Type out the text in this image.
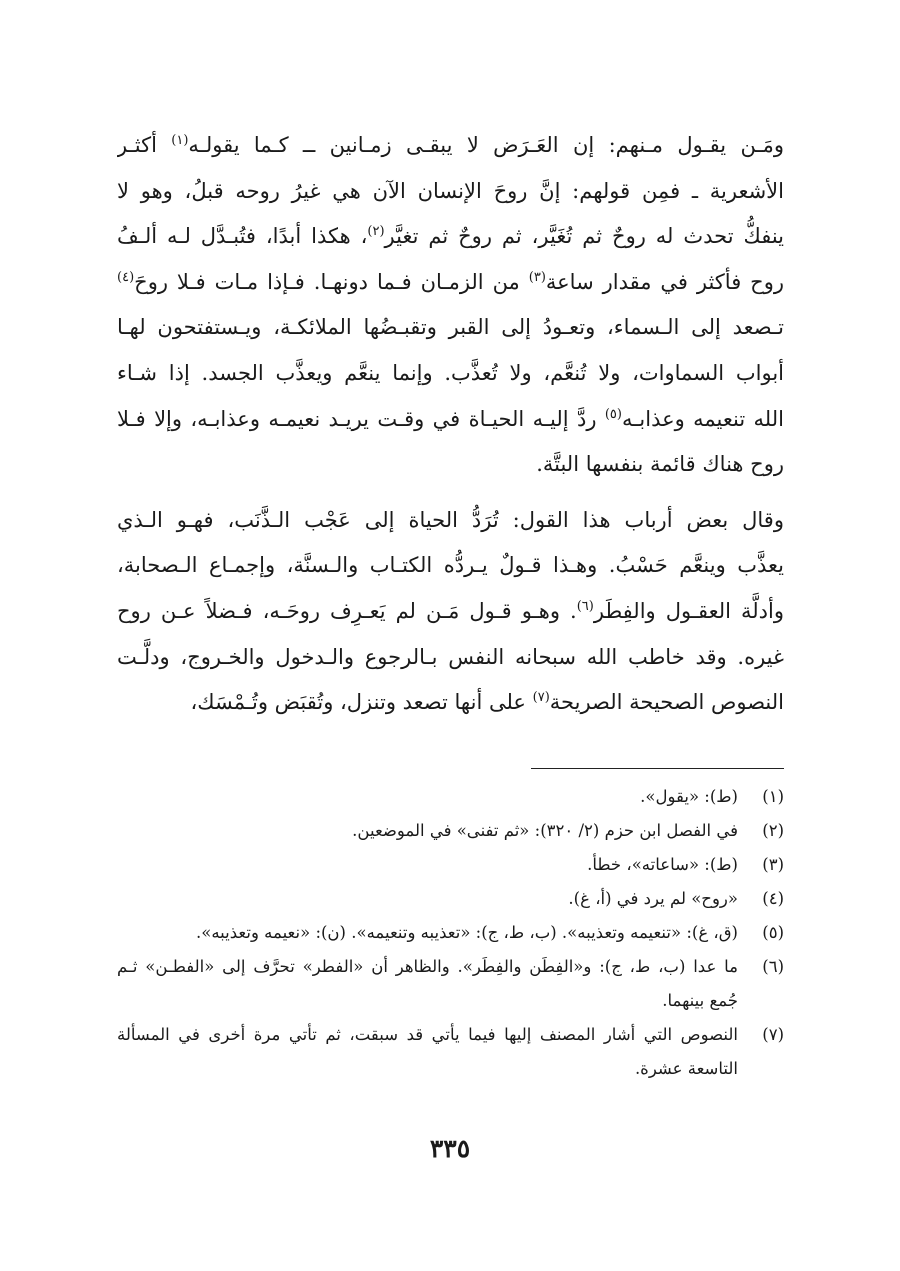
ومَـن يقـول مـنهم: إن العَـرَض لا يبقـى زمـانين ــ كـما يقولـه$^{(١)}$ أكثـر
الأشعرية ـ فمِن قولهم: إنَّ روحَ الإنسان الآن هي غيرُ روحه قبلُ، وهو لا
ينفكُّ تحدث له روحٌ ثم تُغَيَّر، ثم روحٌ ثم تغيَّر$^{(٢)}$، هكذا أبدًا، فتُبـدَّل لـه ألـفُ
روح فأكثر في مقدار ساعة$^{(٣)}$ من الزمـان فـما دونهـا. فـإذا مـات فـلا روحَ$^{(٤)}$
تـصعد إلى الـسماء، وتعـودُ إلى القبر وتقبـضُها الملائكـة، ويـستفتحون لهـا
أبواب السماوات، ولا تُنعَّم، ولا تُعذَّب. وإنما ينعَّم ويعذَّب الجسد. إذا شـاء
الله تنعيمه وعذابـه$^{(٥)}$ ردَّ إليـه الحيـاة في وقـت يريـد نعيمـه وعذابـه، وإلا فـلا
روح هناك قائمة بنفسها البتَّة.

وقال بعض أرباب هذا القول: تُرَدُّ الحياة إلى عَجْب الـذَّنَب، فهـو الـذي
يعذَّب وينعَّم حَسْبُ. وهـذا قـولٌ يـردُّه الكتـاب والـسنَّة، وإجمـاع الـصحابة،
وأدلَّة العقـول والفِطَر$^{(٦)}$. وهـو قـول مَـن لم يَعـرِف روحَـه، فـضلاً عـن روح
غيره. وقد خاطب الله سبحانه النفس بـالرجوع والـدخول والخـروج، ودلَّـت
النصوص الصحيحة الصريحة$^{(٧)}$ على أنها تصعد وتنزل، وتُقبَض وتُـمْسَك،

(١)
(ط): «يقول».
(٢)
في الفصل ابن حزم (٢/ ٣٢٠): «ثم تفنى» في الموضعين.
(٣)
(ط): «ساعاته»، خطأ.
(٤)
«روح» لم يرد في (أ، غ).
(٥)
(ق، غ): «تنعيمه وتعذيبه». (ب، ط، ج): «تعذيبه وتنعيمه». (ن): «نعيمه وتعذيبه».
(٦)
ما عدا (ب، ط، ج): و«الفِطَن والفِطَر». والظاهر أن «الفطر» تحرَّف إلى «الفطـن» ثـم جُمع بينهما.
(٧)
النصوص التي أشار المصنف إليها فيما يأتي قد سبقت، ثم تأتي مرة أخرى في المسألة التاسعة عشرة.
٣٣٥
